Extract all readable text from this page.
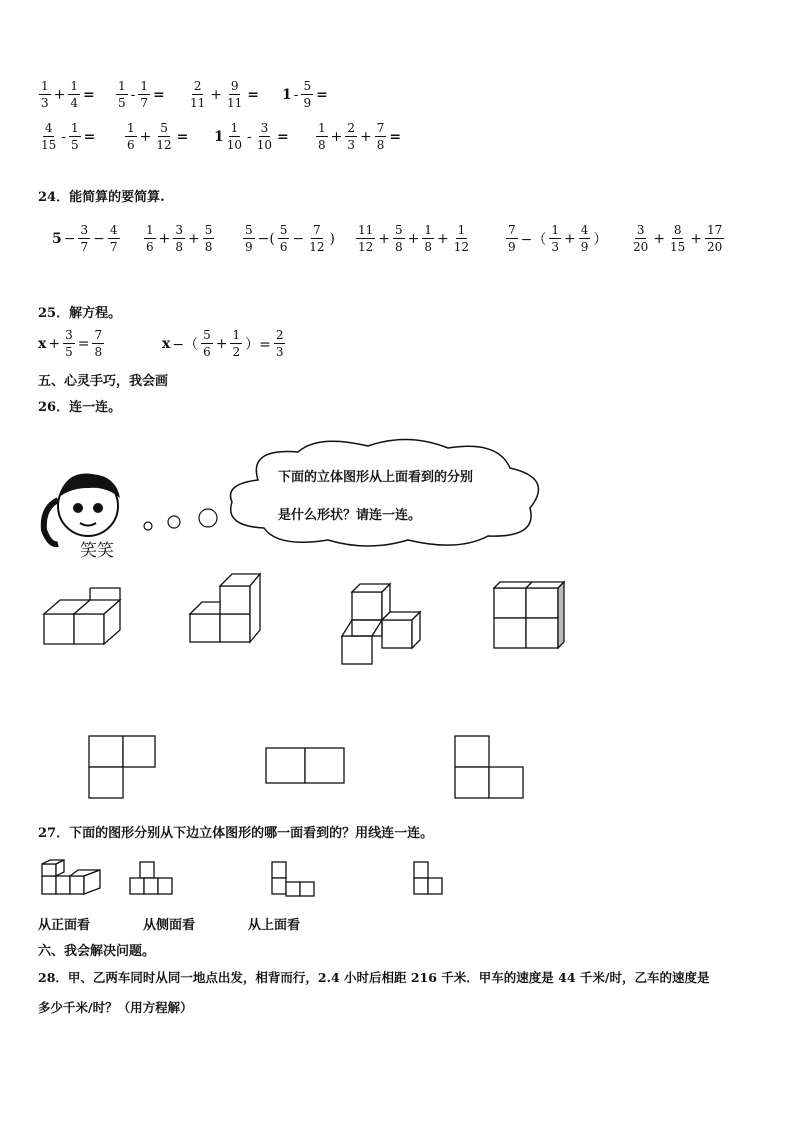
$\frac{1}{3} + \frac{1}{4} = \frac{1}{5} - \frac{1}{7} = \frac{2}{11} + \frac{9}{11} = 1 - \frac{5}{9}$ =
$\frac{4}{15} - \frac{1}{5} = \frac{1}{6} + \frac{5}{12} = 1 \frac{1}{10} - \frac{3}{10} = \frac{1}{8} + \frac{2}{3} + \frac{7}{8}$ =
24．能简算的要简算.
$5 - \frac{3}{7} - \frac{4}{7} \frac{1}{6} + \frac{3}{8} + \frac{5}{8} \frac{5}{9}$ −( $\frac{5}{6} - \frac{7}{12}$ ) $\frac{11}{12} + \frac{5}{8} + \frac{1}{8} + \frac{1}{12}$	$\frac{7}{9}$ −（ $\frac{1}{3} + \frac{4}{9}$ ） $\frac{3}{20} + \frac{8}{15} + \frac{17}{20}$
25．解方程。
$x + \frac{3}{5} = \frac{7}{8}$	x −（ $\frac{5}{6} + \frac{1}{2}$ ）= $\frac{2}{3}$
五、心灵手巧，我会画
26．连一连。
笑笑
下面的立体图形从上面看到的分别
是什么形状？请连一连。
27．下面的图形分别从下边立体图形的哪一面看到的？用线连一连。
从正面看	从侧面看	从上面看
六、我会解决问题。
28．甲、乙两车同时从同一地点出发，相背而行，2.4 小时后相距 216 千米．甲车的速度是 44 千米/时，乙车的速度是
多少千米/时？（用方程解）
